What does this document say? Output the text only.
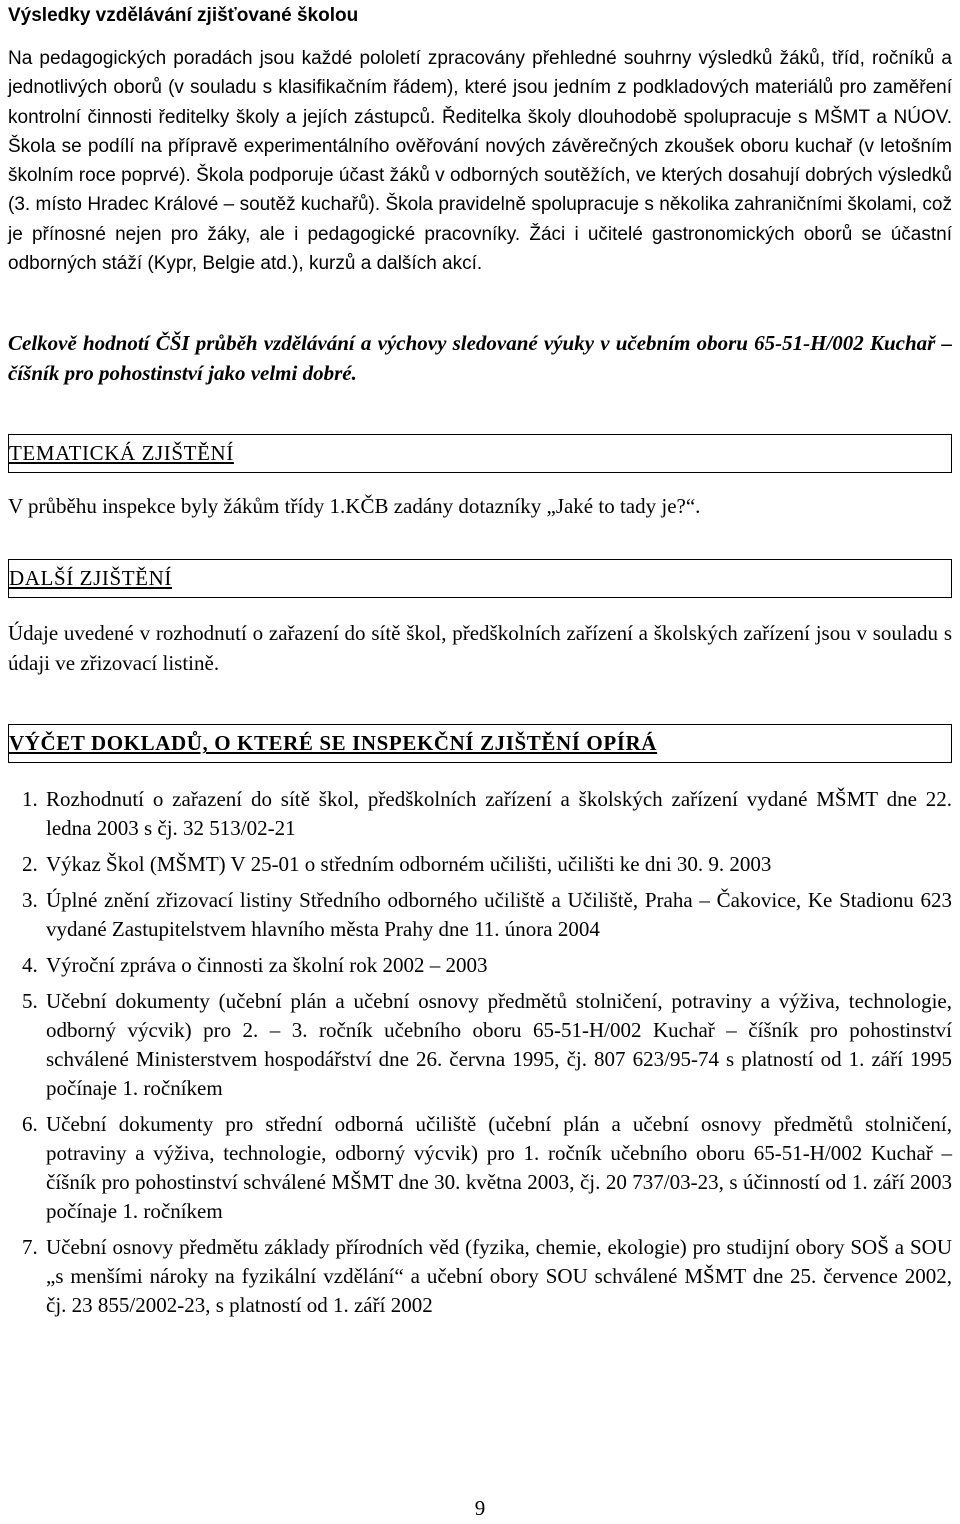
Výsledky vzdělávání zjišťované školou

Na pedagogických poradách jsou každé pololetí zpracovány přehledné souhrny výsledků žáků, tříd, ročníků a jednotlivých oborů (v souladu s klasifikačním řádem), které jsou jedním z podkladových materiálů pro zaměření kontrolní činnosti ředitelky školy a jejích zástupců. Ředitelka školy dlouhodobě spolupracuje s MŠMT a NÚOV. Škola se podílí na přípravě experimentálního ověřování nových závěrečných zkoušek oboru kuchař (v letošním školním roce poprvé). Škola podporuje účast žáků v odborných soutěžích, ve kterých dosahují dobrých výsledků (3. místo Hradec Králové – soutěž kuchařů). Škola pravidelně spolupracuje s několika zahraničními školami, což je přínosné nejen pro žáky, ale i pedagogické pracovníky. Žáci i učitelé gastronomických oborů se účastní odborných stáží (Kypr, Belgie atd.), kurzů a dalších akcí.

Celkově hodnotí ČŠI průběh vzdělávání a výchovy sledované výuky v učebním oboru 65-51-H/002 Kuchař – číšník pro pohostinství jako velmi dobré.

TEMATICKÁ ZJIŠTĚNÍ

V průběhu inspekce byly žákům třídy 1.KČB zadány dotazníky „Jaké to tady je?“.

DALŠÍ ZJIŠTĚNÍ

Údaje uvedené v rozhodnutí o zařazení do sítě škol, předškolních zařízení a školských zařízení jsou v souladu s údaji ve zřizovací listině.

VÝČET DOKLADŮ, O KTERÉ SE INSPEKČNÍ ZJIŠTĚNÍ OPÍRÁ
1. Rozhodnutí o zařazení do sítě škol, předškolních zařízení a školských zařízení vydané MŠMT dne 22. ledna 2003 s čj. 32 513/02-21
2. Výkaz Škol (MŠMT) V 25-01 o středním odborném učilišti, učilišti ke dni 30. 9. 2003
3. Úplné znění zřizovací listiny Středního odborného učiliště a Učiliště, Praha – Čakovice, Ke Stadionu 623 vydané Zastupitelstvem hlavního města Prahy dne 11. února 2004
4. Výroční zpráva o činnosti za školní rok 2002 – 2003
5. Učební dokumenty (učební plán a učební osnovy předmětů stolničení, potraviny a výživa, technologie, odborný výcvik) pro 2. – 3. ročník učebního oboru 65-51-H/002 Kuchař – číšník pro pohostinství schválené Ministerstvem hospodářství dne 26. června 1995, čj. 807 623/95-74 s platností od 1. září 1995 počínaje 1. ročníkem
6. Učební dokumenty pro střední odborná učiliště (učební plán a učební osnovy předmětů stolničení, potraviny a výživa, technologie, odborný výcvik) pro 1. ročník učebního oboru 65-51-H/002 Kuchař – číšník pro pohostinství schválené MŠMT dne 30. května 2003, čj. 20 737/03-23, s účinností od 1. září 2003 počínaje 1. ročníkem
7. Učební osnovy předmětu základy přírodních věd (fyzika, chemie, ekologie) pro studijní obory SOŠ a SOU „s menšími nároky na fyzikální vzdělání“ a učební obory SOU schválené MŠMT dne 25. července 2002, čj. 23 855/2002-23, s platností od 1. září 2002
9
